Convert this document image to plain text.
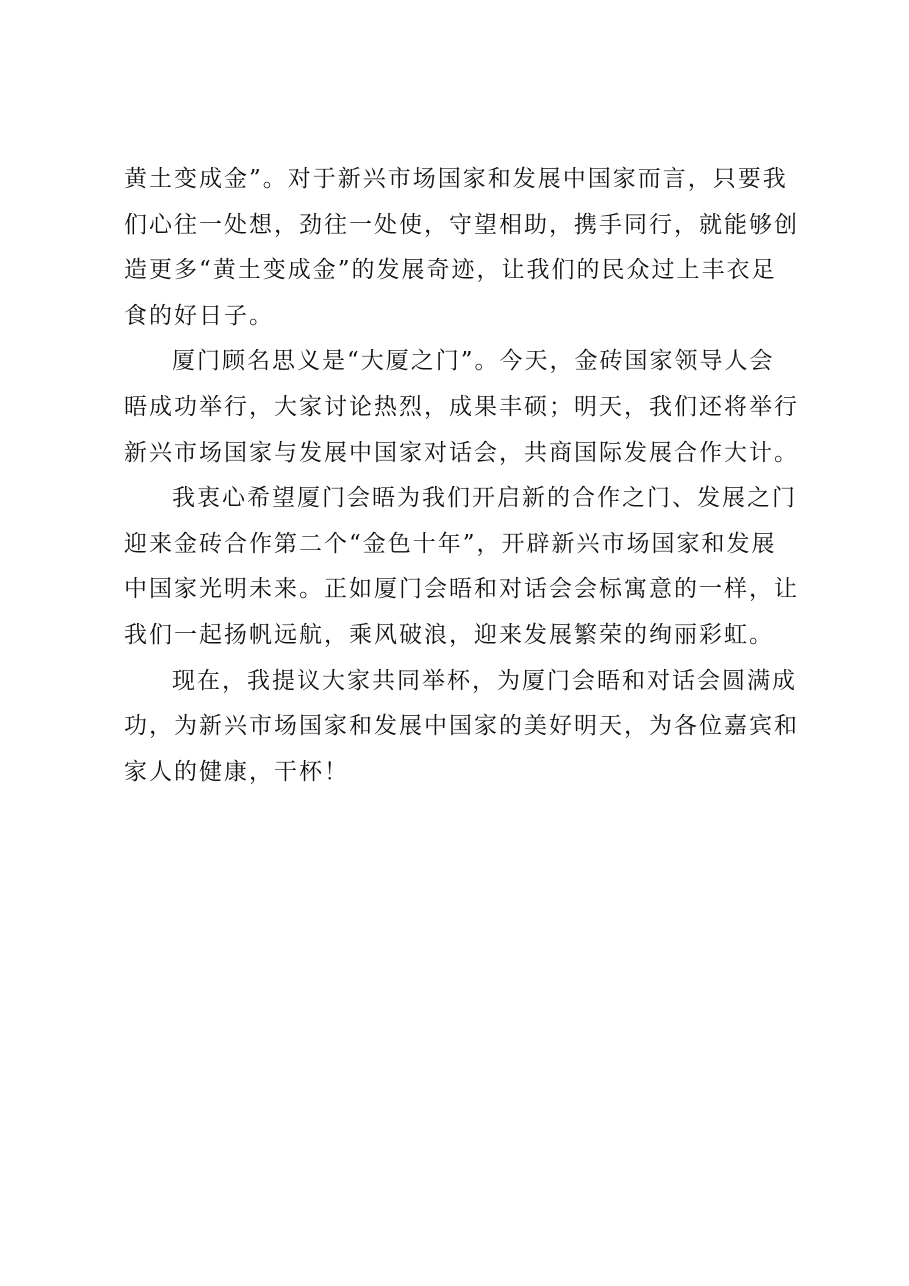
黄土变成金”。对于新兴市场国家和发展中国家而言，只要我
们心往一处想，劲往一处使，守望相助，携手同行，就能够创
造更多“黄土变成金”的发展奇迹，让我们的民众过上丰衣足
食的好日子。
厦门顾名思义是“大厦之门”。今天，金砖国家领导人会
晤成功举行，大家讨论热烈，成果丰硕；明天，我们还将举行
新兴市场国家与发展中国家对话会，共商国际发展合作大计。
我衷心希望厦门会晤为我们开启新的合作之门、发展之门
迎来金砖合作第二个“金色十年”，开辟新兴市场国家和发展
中国家光明未来。正如厦门会晤和对话会会标寓意的一样，让
我们一起扬帆远航，乘风破浪，迎来发展繁荣的绚丽彩虹。
现在，我提议大家共同举杯，为厦门会晤和对话会圆满成
功，为新兴市场国家和发展中国家的美好明天，为各位嘉宾和
家人的健康，干杯！
